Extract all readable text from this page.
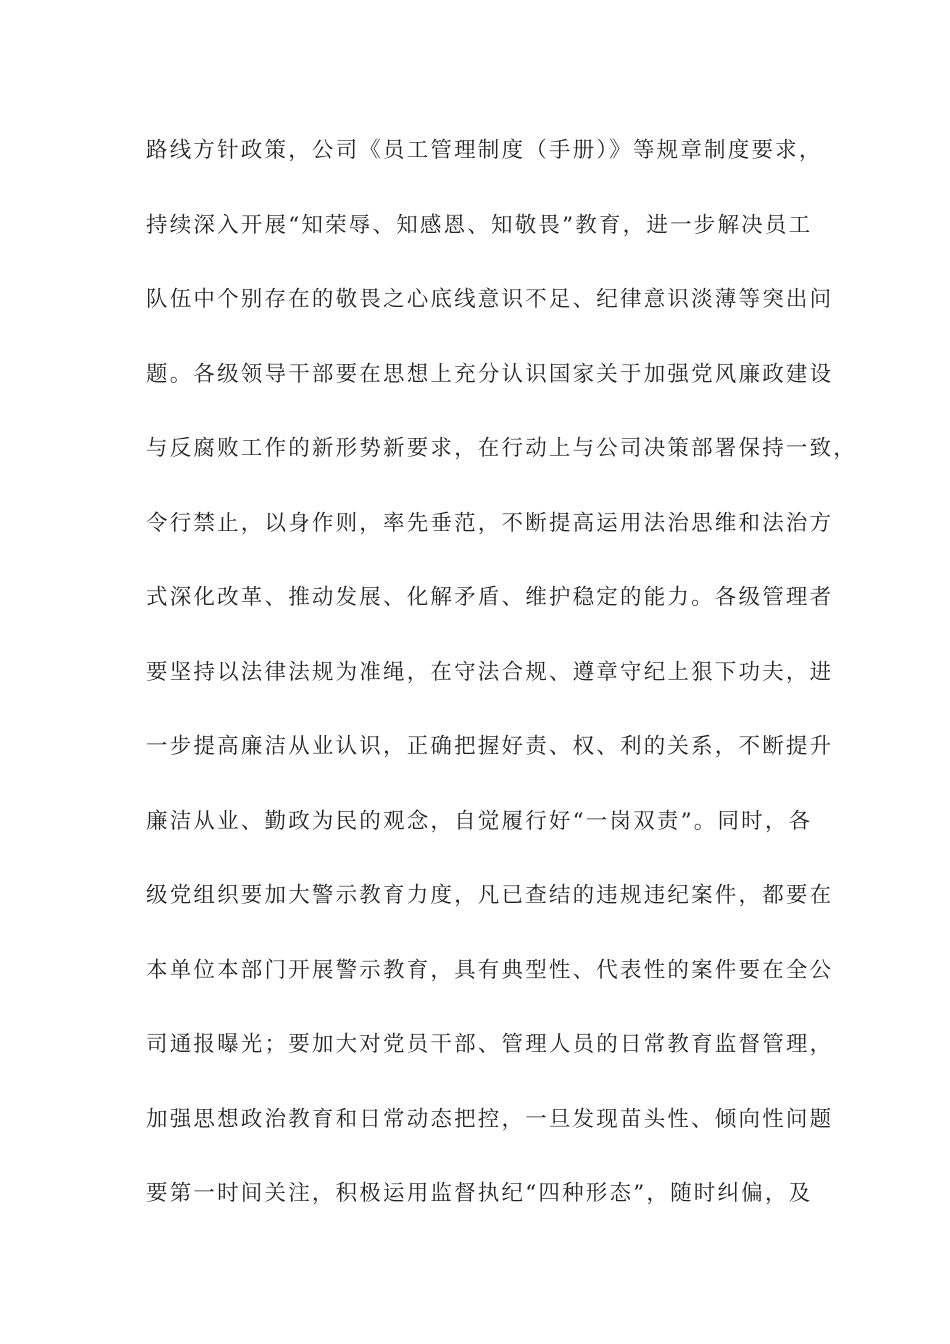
路线方针政策，公司《员工管理制度（手册）》等规章制度要求，
持续深入开展“知荣辱、知感恩、知敬畏”教育，进一步解决员工
队伍中个别存在的敬畏之心底线意识不足、纪律意识淡薄等突出问
题。各级领导干部要在思想上充分认识国家关于加强党风廉政建设
与反腐败工作的新形势新要求，在行动上与公司决策部署保持一致，
令行禁止，以身作则，率先垂范，不断提高运用法治思维和法治方
式深化改革、推动发展、化解矛盾、维护稳定的能力。各级管理者
要坚持以法律法规为准绳，在守法合规、遵章守纪上狠下功夫，进
一步提高廉洁从业认识，正确把握好责、权、利的关系，不断提升
廉洁从业、勤政为民的观念，自觉履行好“一岗双责”。同时，各
级党组织要加大警示教育力度，凡已查结的违规违纪案件，都要在
本单位本部门开展警示教育，具有典型性、代表性的案件要在全公
司通报曝光；要加大对党员干部、管理人员的日常教育监督管理，
加强思想政治教育和日常动态把控，一旦发现苗头性、倾向性问题
要第一时间关注，积极运用监督执纪“四种形态”，随时纠偏，及
